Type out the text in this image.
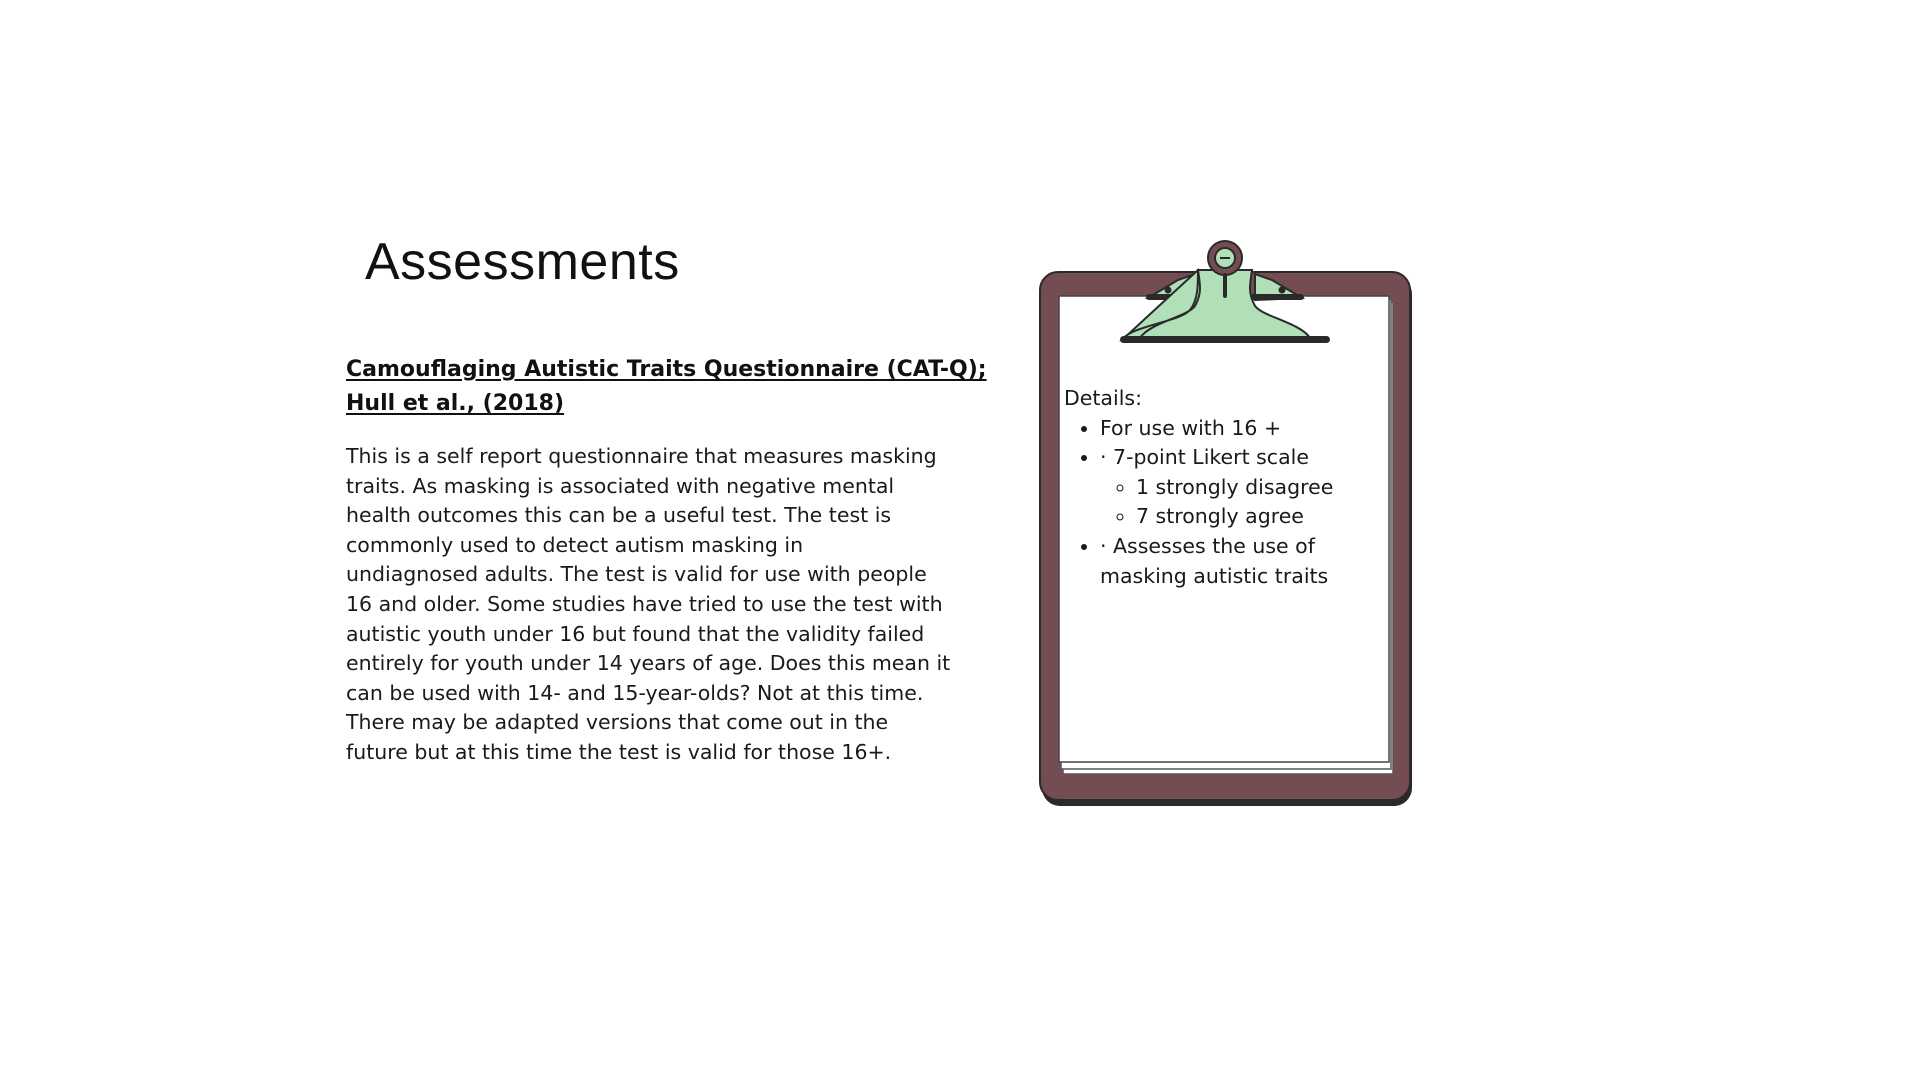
Assessments
Camouflaging Autistic Traits Questionnaire (CAT-Q);
Hull et al., (2018)

This is a self report questionnaire that measures masking
traits. As masking is associated with negative mental
health outcomes this can be a useful test. The test is
commonly used to detect autism masking in
undiagnosed adults. The test is valid for use with people
16 and older. Some studies have tried to use the test with
autistic youth under 16 but found that the validity failed
entirely for youth under 14 years of age. Does this mean it
can be used with 14- and 15-year-olds? Not at this time.
There may be adapted versions that come out in the
future but at this time the test is valid for those 16+.

Details:
• For use with 16 +
• · 7-point Likert scale
◦ 1 strongly disagree
◦ 7 strongly agree
• · Assesses the use of
masking autistic traits
